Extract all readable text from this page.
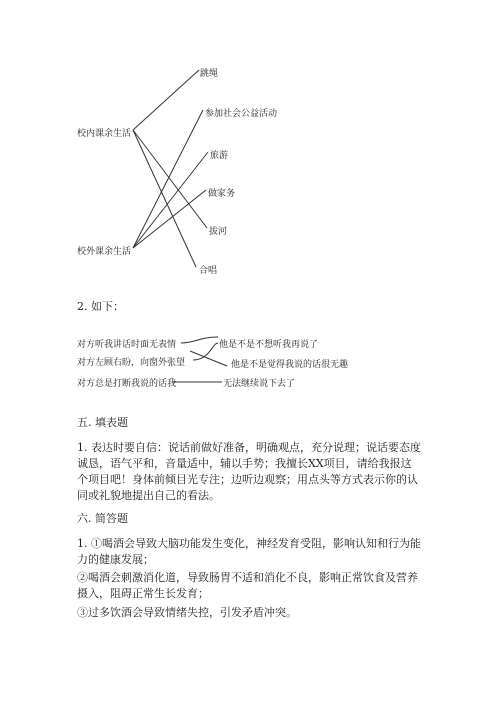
校内课余生活
校外课余生活
跳绳
参加社会公益活动
旅游
做家务
拔河
合唱
2. 如下：
对方听我讲话时面无表情
对方左顾右盼，向窗外张望
对方总是打断我说的话我
他是不是不想听我再说了
他是不是觉得我说的话很无趣
无法继续说下去了
五. 填表题
1. 表达时要自信：说话前做好准备，明确观点，充分说理；说话要态度诚恳，语气平和，音量适中，辅以手势；我擅长XX项目，请给我报这个项目吧！身体前倾目光专注；边听边观察；用点头等方式表示你的认同或礼貌地提出自己的看法。
六. 简答题
1. ①喝酒会导致大脑功能发生变化，神经发育受阻，影响认知和行为能力的健康发展；
②喝酒会刺激消化道，导致肠胃不适和消化不良，影响正常饮食及营养摄入，阻碍正常生长发育；
③过多饮酒会导致情绪失控，引发矛盾冲突。
